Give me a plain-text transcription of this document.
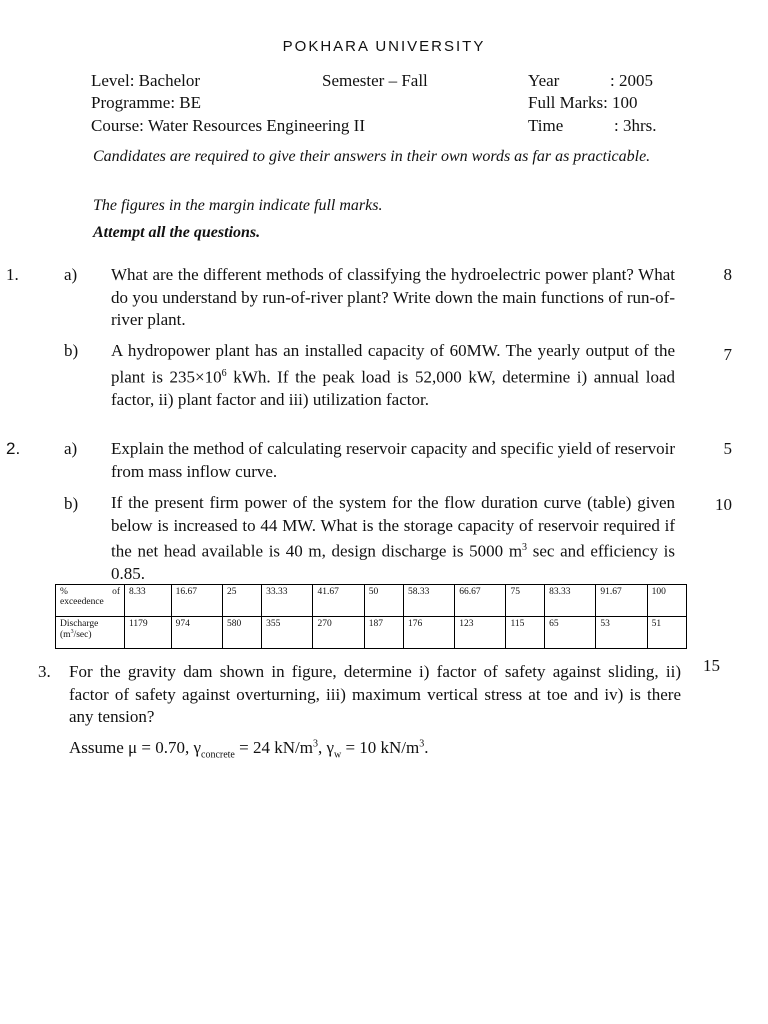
POKHARA UNIVERSITY
Level: Bachelor	Semester – Fall	Year	: 2005
Programme: BE	Full Marks: 100
Course: Water Resources Engineering II	Time	: 3hrs.
Candidates are required to give their answers in their own words as far as practicable.
The figures in the margin indicate full marks.
Attempt all the questions.
1.	a) What are the different methods of classifying the hydroelectric power plant? What do you understand by run-of-river plant? Write down the main functions of run-of-river plant.
8
b) A hydropower plant has an installed capacity of 60MW. The yearly output of the plant is $235\times 10^6$ kWh. If the peak load is 52,000 kW, determine i) annual load factor, ii) plant factor and iii) utilization factor.
7
2.	a) Explain the method of calculating reservoir capacity and specific yield of reservoir from mass inflow curve.
5
b) If the present firm power of the system for the flow duration curve (table) given below is increased to 44 MW. What is the storage capacity of reservoir required if the net head available is 40 m, design discharge is 5000 $m^3$ sec and efficiency is 0.85.
10
% of
exceedence	8.33	16.67	25	33.33	41.67	50	58.33	66.67	75	83.33	91.67	100

Discharge
$(m^3/\sec)$	1179	974	580	355	270	187	176	123	115	65	53	51
3. For the gravity dam shown in figure, determine i) factor of safety against sliding, ii) factor of safety against overturning, iii) maximum vertical stress at toe and iv) is there any tension?
15
Assume μ = 0.70, $\gamma_{concrete} = 24$ $kN/m^3$, $\gamma_w = 10$ $kN/m^3$.
